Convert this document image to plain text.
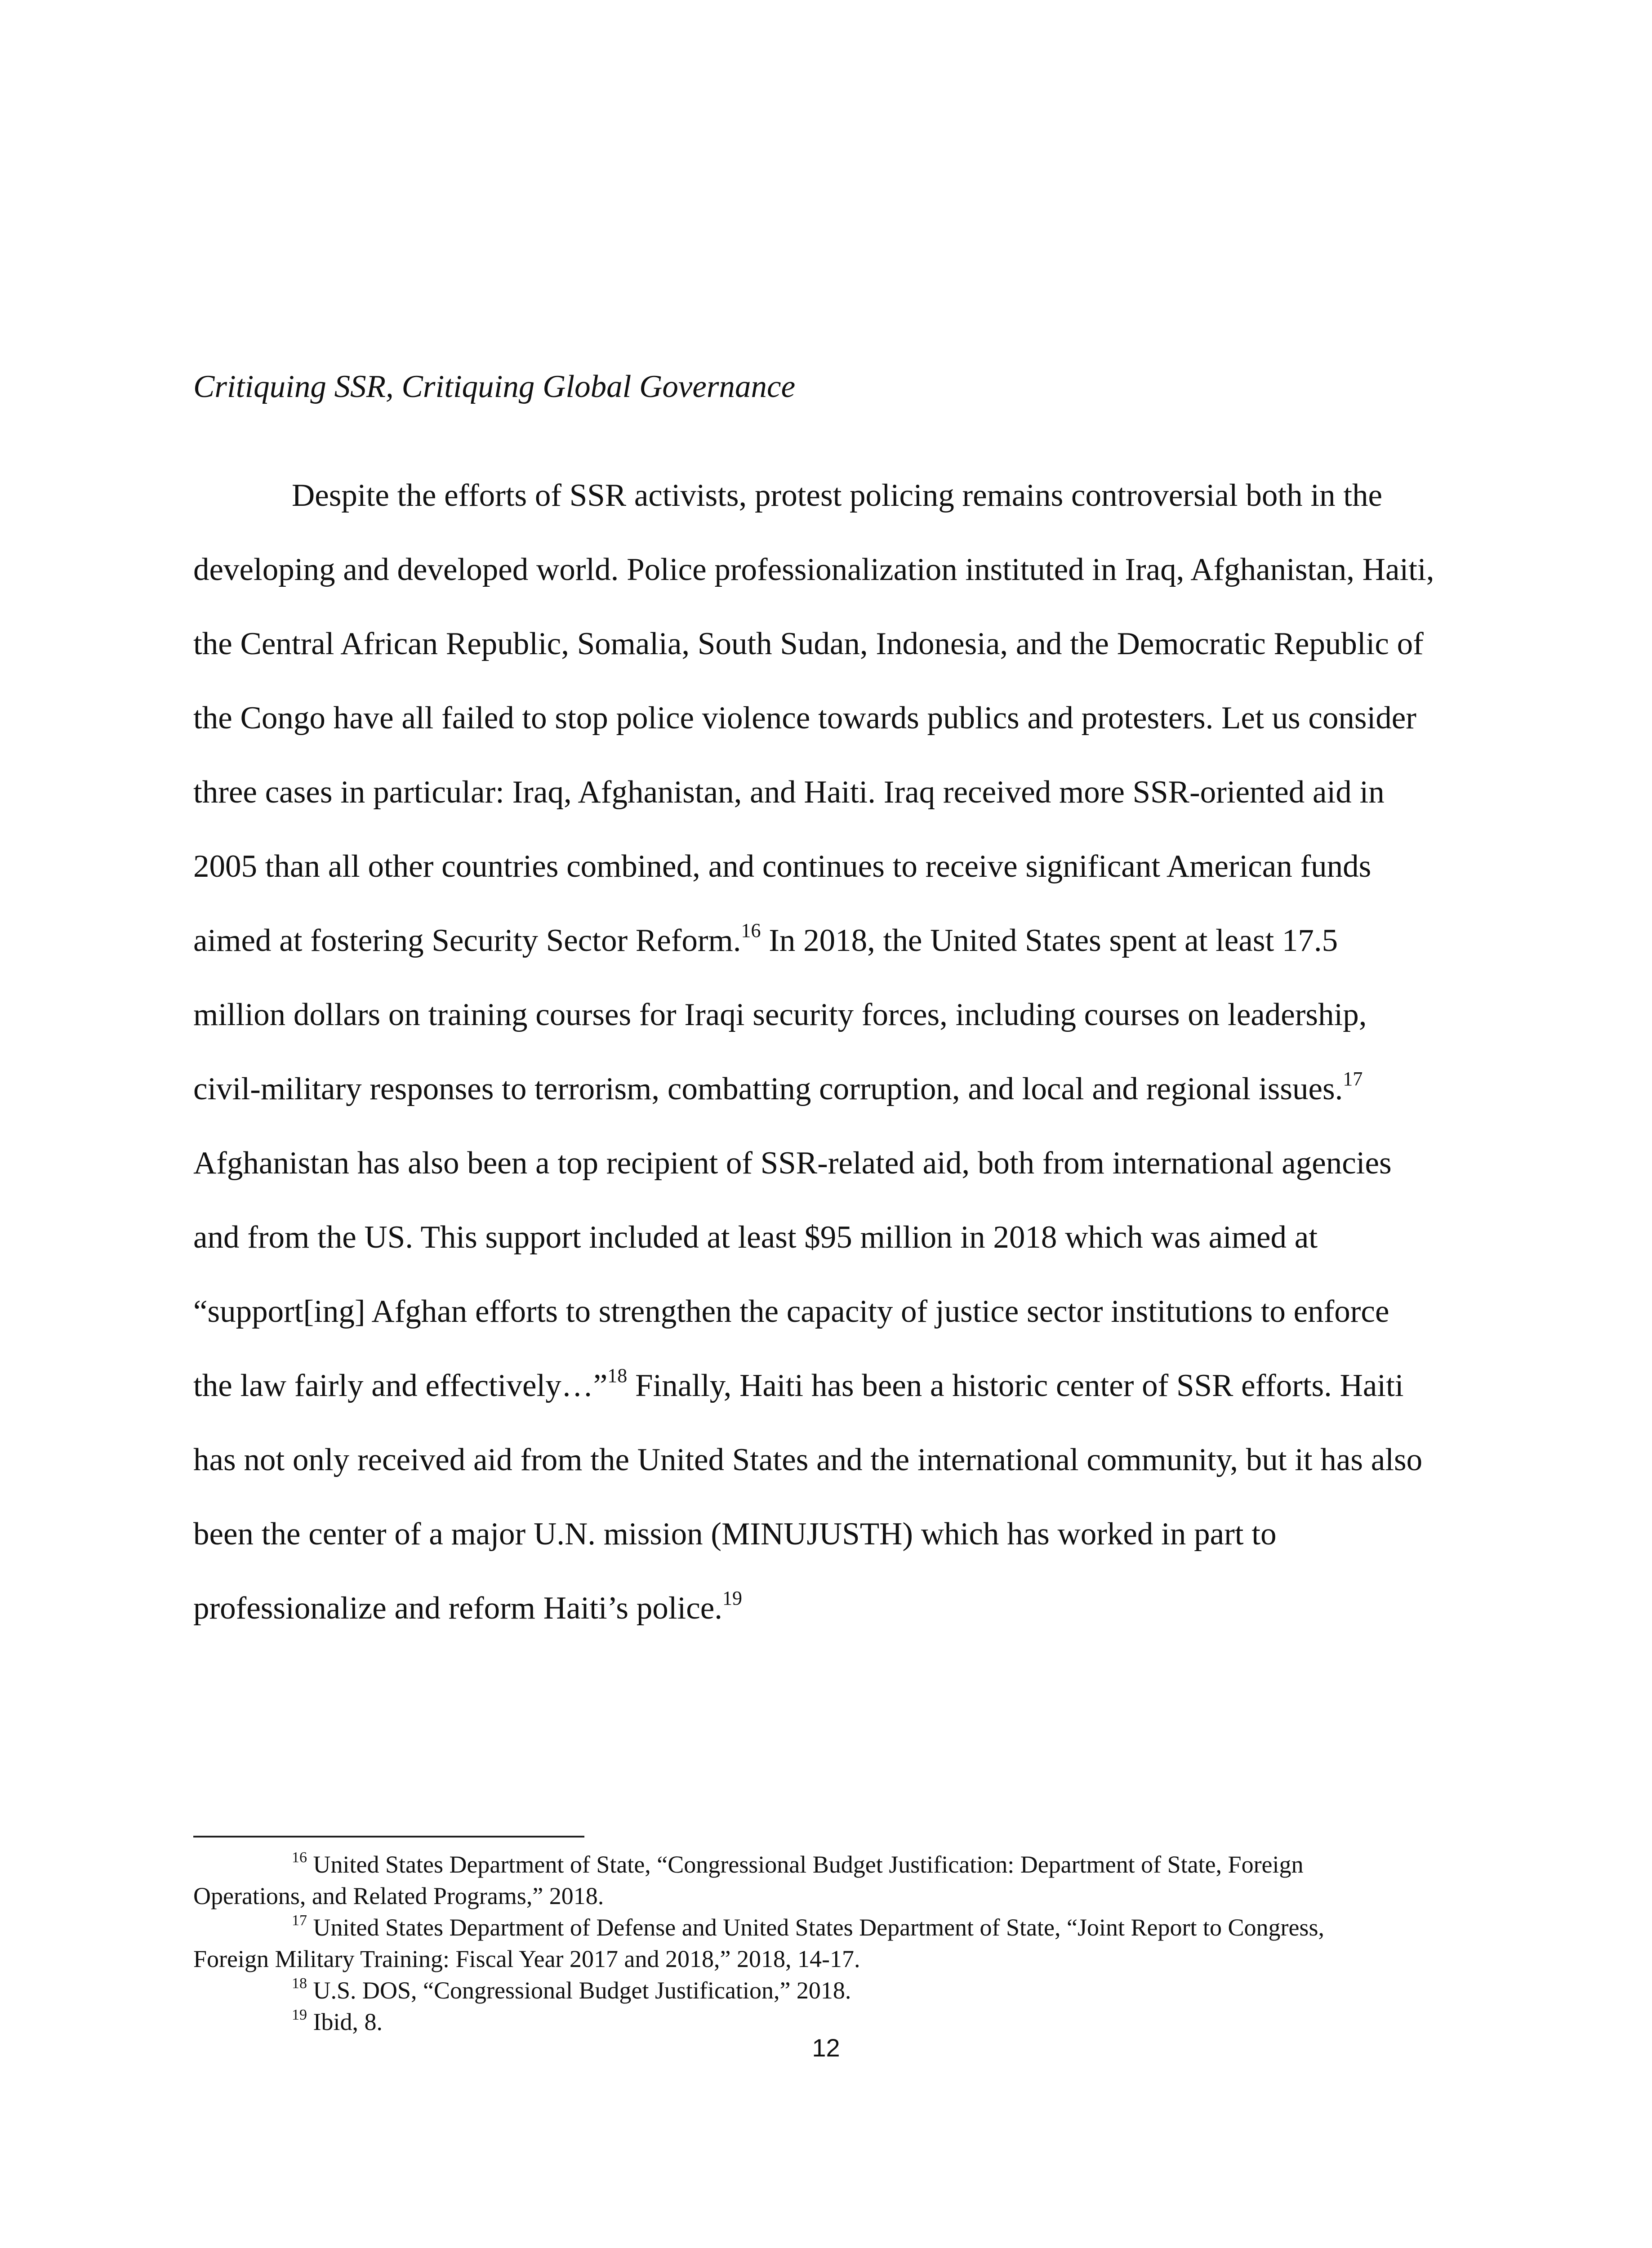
Critiquing SSR, Critiquing Global Governance
Despite the efforts of SSR activists, protest policing remains controversial both in the
developing and developed world. Police professionalization instituted in Iraq, Afghanistan, Haiti,
the Central African Republic, Somalia, South Sudan, Indonesia, and the Democratic Republic of
the Congo have all failed to stop police violence towards publics and protesters. Let us consider
three cases in particular: Iraq, Afghanistan, and Haiti. Iraq received more SSR-oriented aid in
2005 than all other countries combined, and continues to receive significant American funds
aimed at fostering Security Sector Reform.$^{16}$ In 2018, the United States spent at least 17.5
million dollars on training courses for Iraqi security forces, including courses on leadership,
civil-military responses to terrorism, combatting corruption, and local and regional issues.$^{17}$
Afghanistan has also been a top recipient of SSR-related aid, both from international agencies
and from the US. This support included at least $95 million in 2018 which was aimed at
“support[ing] Afghan efforts to strengthen the capacity of justice sector institutions to enforce
the law fairly and effectively…”$^{18}$ Finally, Haiti has been a historic center of SSR efforts. Haiti
has not only received aid from the United States and the international community, but it has also
been the center of a major U.N. mission (MINUJUSTH) which has worked in part to
professionalize and reform Haiti’s police.$^{19}$
$^{16}$ United States Department of State, “Congressional Budget Justification: Department of State, Foreign
Operations, and Related Programs,” 2018.
$^{17}$ United States Department of Defense and United States Department of State, “Joint Report to Congress,
Foreign Military Training: Fiscal Year 2017 and 2018,” 2018, 14-17.
$^{18}$ U.S. DOS, “Congressional Budget Justification,” 2018.
$^{19}$ Ibid, 8.
12
